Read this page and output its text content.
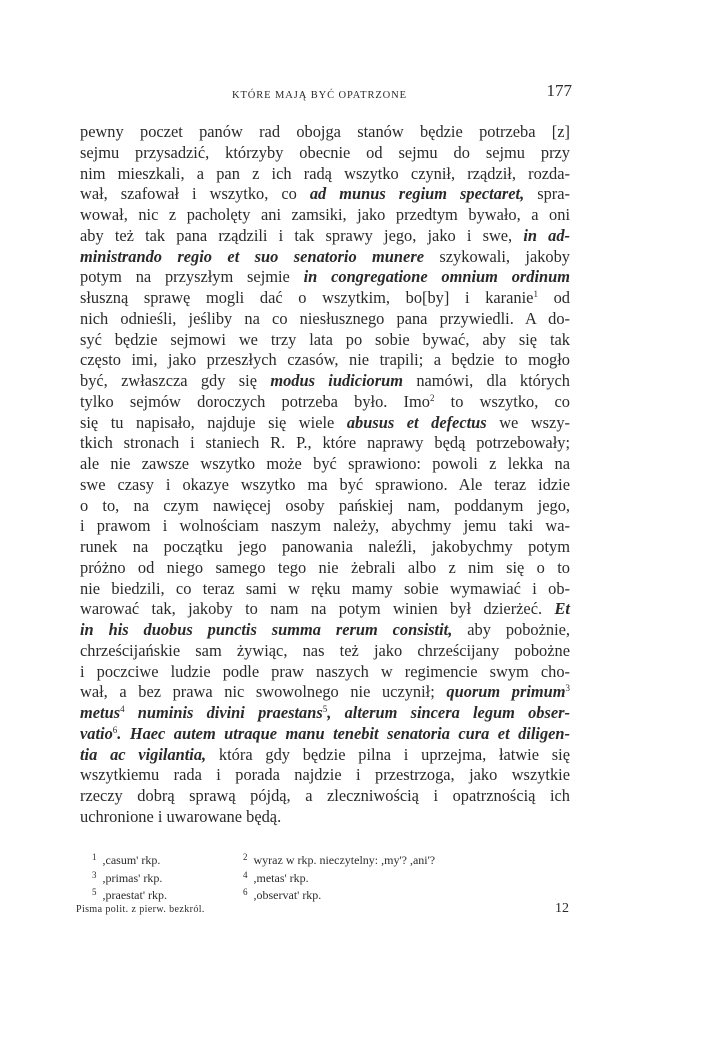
KTÓRE MAJĄ BYĆ OPATRZONE	177
pewny poczet panów rad obojga stanów będzie potrzeba [z]
sejmu przysadzić, którzyby obecnie od sejmu do sejmu przy
nim mieszkali, a pan z ich radą wszytko czynił, rządził, rozda-
wał, szafował i wszytko, co ad munus regium spectaret, spra-
wował, nic z pacholęty ani zamsiki, jako przedtym bywało, a oni
aby też tak pana rządzili i tak sprawy jego, jako i swe, in ad-
ministrando regio et suo senatorio munere szykowali, jakoby
potym na przyszłym sejmie in congregatione omnium ordinum
słuszną sprawę mogli dać o wszytkim, bo[by] i karanie$^1$ od
nich odnieśli, jeśliby na co niesłusznego pana przywiedli. A do-
syć będzie sejmowi we trzy lata po sobie bywać, aby się tak
często imi, jako przeszłych czasów, nie trapili; a będzie to mogło
być, zwłaszcza gdy się modus iudiciorum namówi, dla których
tylko sejmów doroczych potrzeba było. Imo$^2$ to wszytko, co
się tu napisało, najduje się wiele abusus et defectus we wszy-
tkich stronach i staniech R. P., które naprawy będą potrzebowały;
ale nie zawsze wszytko może być sprawiono: powoli z lekka na
swe czasy i okazye wszytko ma być sprawiono. Ale teraz idzie
o to, na czym nawięcej osoby pańskiej nam, poddanym jego,
i prawom i wolnościam naszym należy, abychmy jemu taki wa-
runek na początku jego panowania naleźli, jakobychmy potym
próżno od niego samego tego nie żebrali albo z nim się o to
nie biedzili, co teraz sami w ręku mamy sobie wymawiać i ob-
warować tak, jakoby to nam na potym winien był dzierżeć. Et
in his duobus punctis summa rerum consistit, aby pobożnie,
chrześcijańskie sam żywiąc, nas też jako chrześcijany pobożne
i poczciwe ludzie podle praw naszych w regimencie swym cho-
wał, a bez prawa nic swowolnego nie uczynił; quorum primum$^3$
metus$^4$ numinis divini praestans$^5$, alterum sincera legum obser-
vatio$^6$. Haec autem utraque manu tenebit senatoria cura et diligen-
tia ac vigilantia, która gdy będzie pilna i uprzejma, łatwie się
wszytkiemu rada i porada najdzie i przestrzoga, jako wszytkie
rzeczy dobrą sprawą pójdą, a zleczniwością i opatrznością ich
uchronione i uwarowane będą.
$^1$ ,casum' rkp.	$^2$ wyraz w rkp. nieczytelny: ,my'? ,ani'?
$^3$ ,primas' rkp.	$^4$ ,metas' rkp.
$^5$ ,praestat' rkp.	$^6$ ,observat' rkp.
Pisma polit. z pierw. bezkról.	12
